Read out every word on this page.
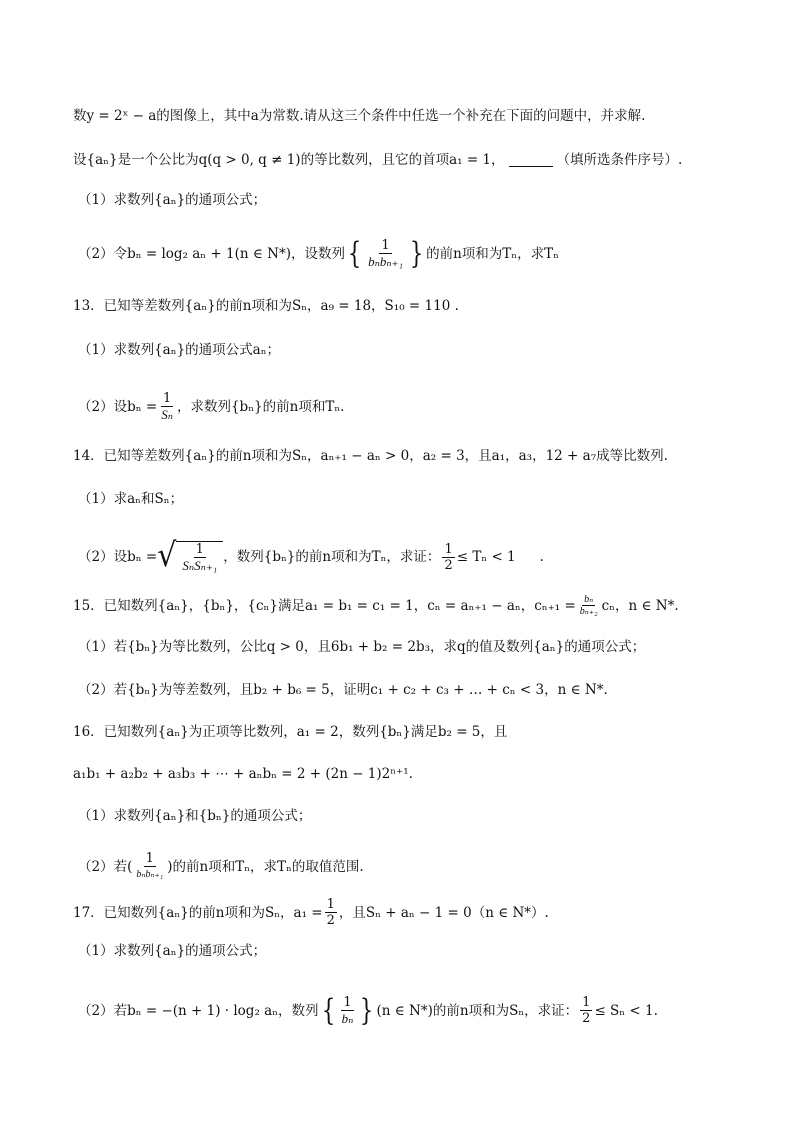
数y = 2ˣ − a的图像上，其中a为常数.请从这三个条件中任选一个补充在下面的问题中，并求解.
设{aₙ}是一个公比为q(q > 0, q ≠ 1)的等比数列，且它的首项a₁ = 1，	（填所选条件序号）.
（1）求数列{aₙ}的通项公式；
（2）令bₙ = log₂ aₙ + 1(n ∈ N*)，设数列 { $\frac{1}{\text{bₙbₙ₊₁}}$ } 的前n项和为Tₙ，求Tₙ
13．已知等差数列{aₙ}的前n项和为Sₙ，a₉ = 18，S₁₀ = 110 .
（1）求数列{aₙ}的通项公式aₙ；
（2）设$b_n = \frac{1}{\text{Sₙ}}$ ，求数列{bₙ}的前n项和Tₙ.
14．已知等差数列{aₙ}的前n项和为Sₙ，aₙ₊₁ − aₙ > 0，a₂ = 3，且a₁，a₃，12 + a₇成等比数列.
（1）求aₙ和Sₙ；
（2）设bₙ = √ $\frac{1}{\text{SₙSₙ₊₁}}$ ，数列{bₙ}的前n项和为Tₙ，求证： $\frac{1}{2} \le T_n < 1$ .
15．已知数列{aₙ}，{bₙ}，{cₙ}满足a₁ = b₁ = c₁ = 1，cₙ = aₙ₊₁ − aₙ，$c_{n+1} = \frac{\text{bₙ}}{\text{bₙ₊₂}}$ cₙ，n ∈ N*.
（1）若{bₙ}为等比数列，公比q > 0，且6b₁ + b₂ = 2b₃，求q的值及数列{aₙ}的通项公式；
（2）若{bₙ}为等差数列，且b₂ + b₆ = 5，证明c₁ + c₂ + c₃ + … + cₙ < 3，n ∈ N*.
16．已知数列{aₙ}为正项等比数列，a₁ = 2，数列{bₙ}满足b₂ = 5，且
a₁b₁ + a₂b₂ + a₃b₃ + ⋯ + aₙbₙ = 2 + (2n − 1)2ⁿ⁺¹.
（1）求数列{aₙ}和{bₙ}的通项公式；
（2）若( $\frac{1}{\text{bₙbₙ₊₁}}$ )的前n项和Tₙ，求Tₙ的取值范围.
17．已知数列{aₙ}的前n项和为Sₙ，$a_1 = \frac{1}{2}$ ，且Sₙ + aₙ − 1 = 0（n ∈ N*）.
（1）求数列{aₙ}的通项公式；
（2）若bₙ = −(n + 1) · log₂ aₙ，数列 { $\frac{1}{\text{bₙ}}$ } (n ∈ N*)的前n项和为Sₙ，求证： $\frac{1}{2} \le S_n < 1$.
